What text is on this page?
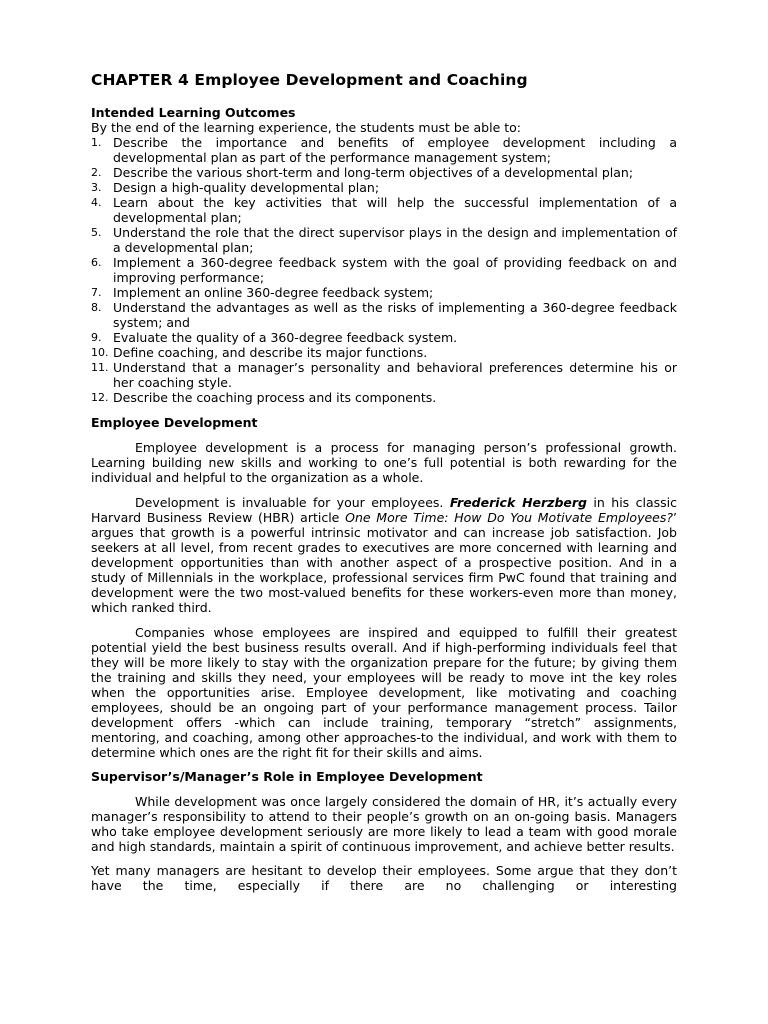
CHAPTER 4 Employee Development and Coaching
Intended Learning Outcomes

By the end of the learning experience, the students must be able to:

1. Describe the importance and benefits of employee development including a developmental plan as part of the performance management system;
2. Describe the various short-term and long-term objectives of a developmental plan;
3. Design a high-quality developmental plan;
4. Learn about the key activities that will help the successful implementation of a developmental plan;
5. Understand the role that the direct supervisor plays in the design and implementation of a developmental plan;
6. Implement a 360-degree feedback system with the goal of providing feedback on and improving performance;
7. Implement an online 360-degree feedback system;
8. Understand the advantages as well as the risks of implementing a 360-degree feedback system; and
9. Evaluate the quality of a 360-degree feedback system.
10. Define coaching, and describe its major functions.
11. Understand that a manager’s personality and behavioral preferences determine his or her coaching style.
12. Describe the coaching process and its components.
Employee Development

Employee development is a process for managing person’s professional growth. Learning building new skills and working to one’s full potential is both rewarding for the individual and helpful to the organization as a whole.

Development is invaluable for your employees. Frederick Herzberg in his classic Harvard Business Review (HBR) article One More Time: How Do You Motivate Employees?’ argues that growth is a powerful intrinsic motivator and can increase job satisfaction. Job seekers at all level, from recent grades to executives are more concerned with learning and development opportunities than with another aspect of a prospective position. And in a study of Millennials in the workplace, professional services firm PwC found that training and development were the two most-valued benefits for these workers-even more than money, which ranked third.

Companies whose employees are inspired and equipped to fulfill their greatest potential yield the best business results overall. And if high-performing individuals feel that they will be more likely to stay with the organization prepare for the future; by giving them the training and skills they need, your employees will be ready to move int the key roles when the opportunities arise. Employee development, like motivating and coaching employees, should be an ongoing part of your performance management process. Tailor development offers -which can include training, temporary “stretch” assignments, mentoring, and coaching, among other approaches-to the individual, and work with them to determine which ones are the right fit for their skills and aims.

Supervisor’s/Manager’s Role in Employee Development

While development was once largely considered the domain of HR, it’s actually every manager’s responsibility to attend to their people’s growth on an on-going basis. Managers who take employee development seriously are more likely to lead a team with good morale and high standards, maintain a spirit of continuous improvement, and achieve better results.

Yet many managers are hesitant to develop their employees. Some argue that they don’t have the time, especially if there are no challenging or interesting
